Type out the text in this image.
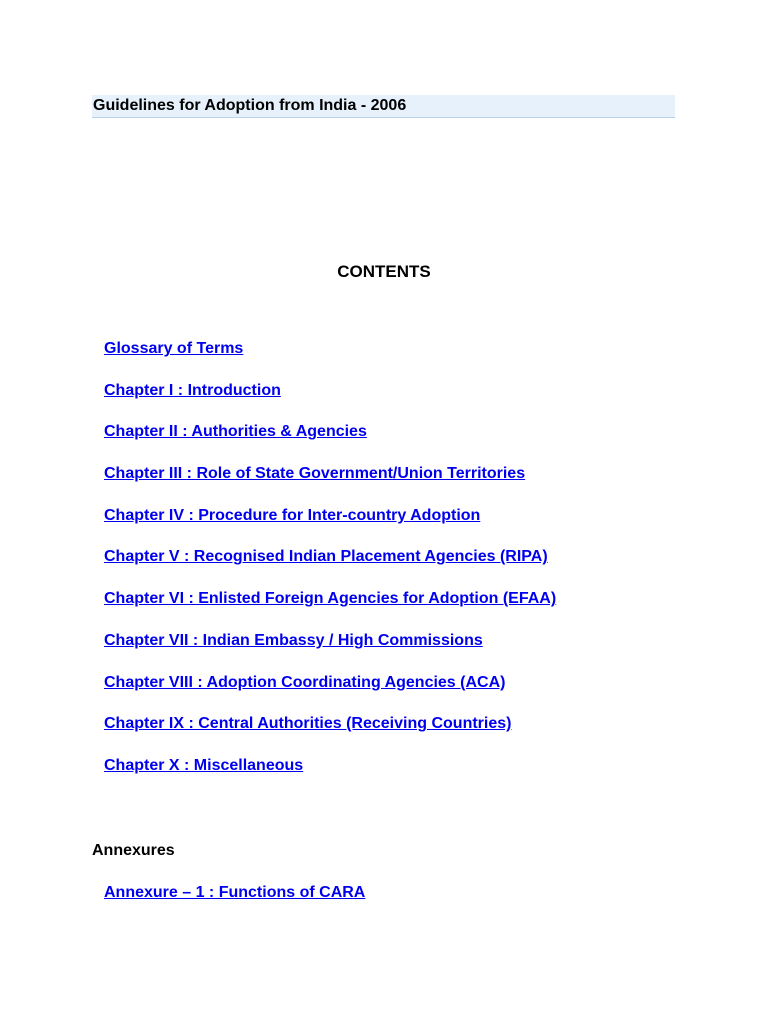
Guidelines for Adoption from India - 2006
CONTENTS
Glossary of Terms
Chapter I : Introduction
Chapter II : Authorities & Agencies
Chapter III : Role of State Government/Union Territories
Chapter IV : Procedure for Inter-country Adoption
Chapter V : Recognised Indian Placement Agencies (RIPA)
Chapter VI : Enlisted Foreign Agencies for Adoption (EFAA)
Chapter VII : Indian Embassy / High Commissions
Chapter VIII : Adoption Coordinating Agencies (ACA)
Chapter IX : Central Authorities (Receiving Countries)
Chapter X : Miscellaneous
Annexures
Annexure – 1 : Functions of CARA
